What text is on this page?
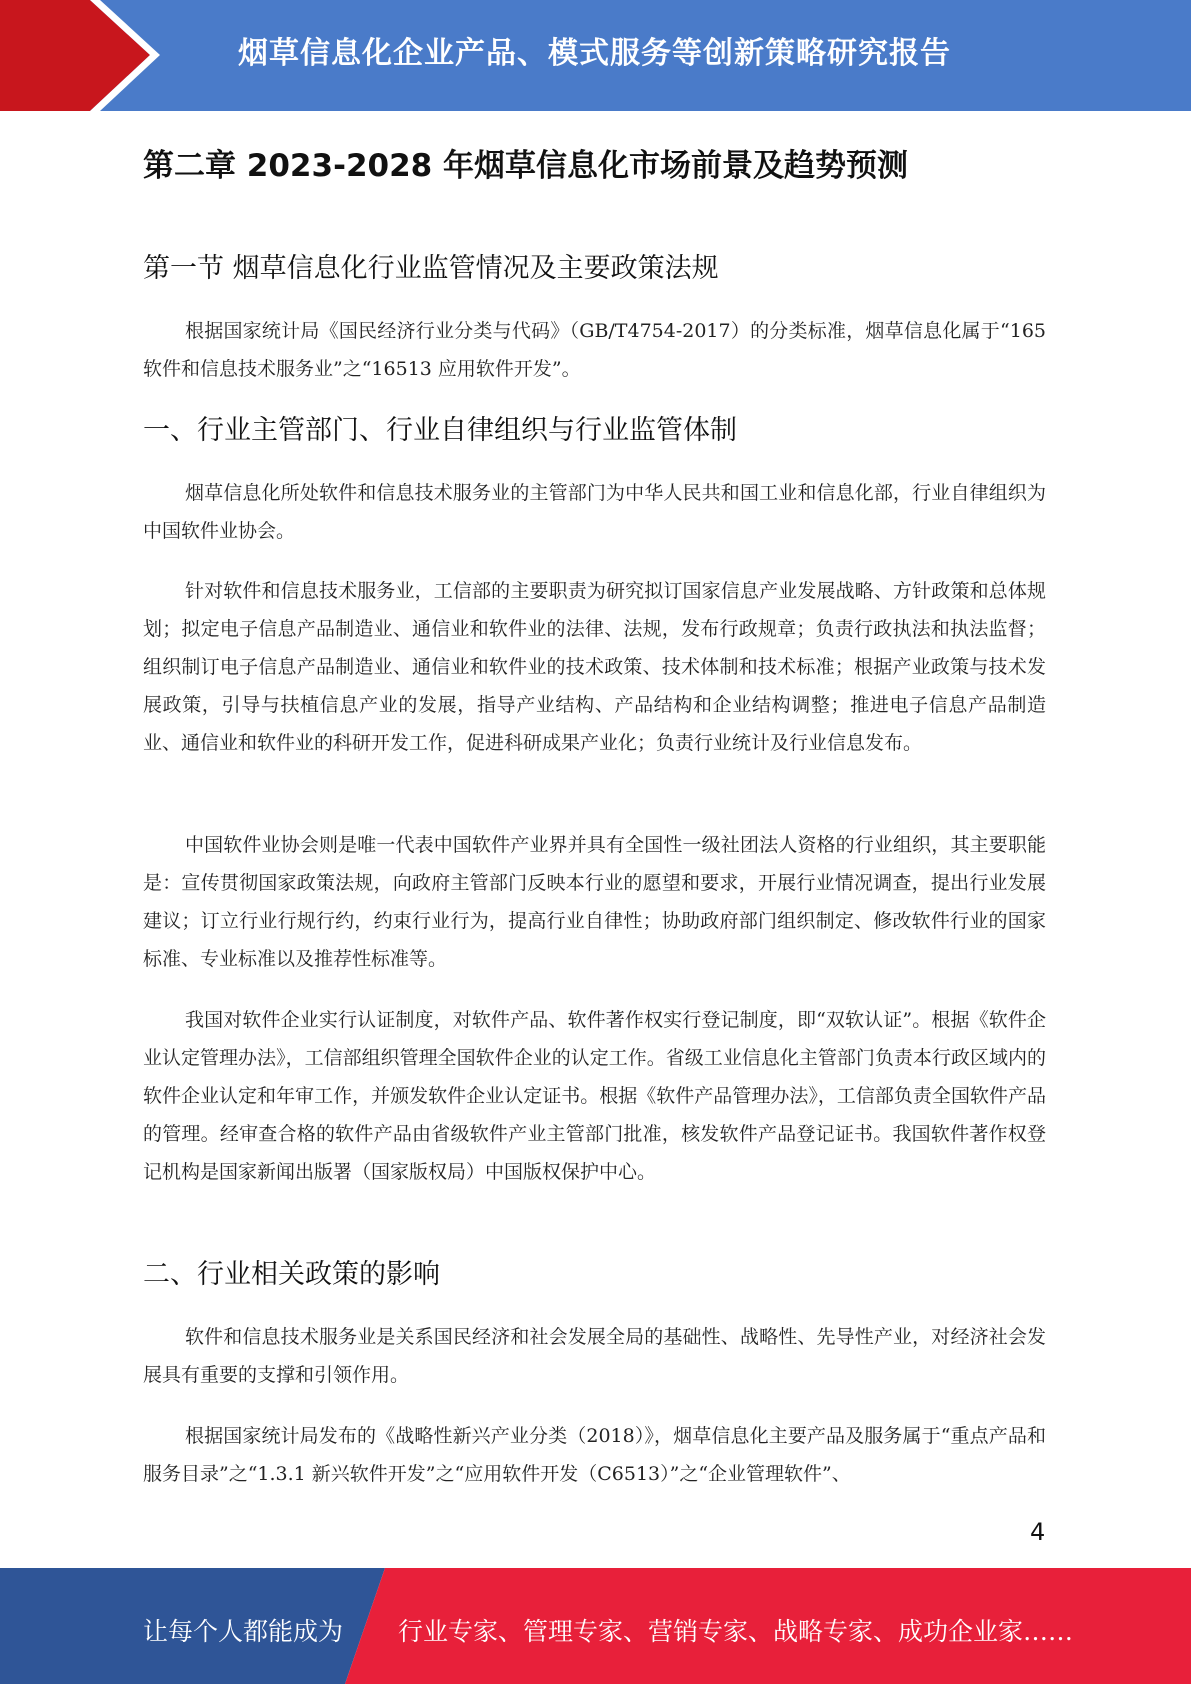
烟草信息化企业产品、模式服务等创新策略研究报告
第二章 2023-2028 年烟草信息化市场前景及趋势预测
第一节 烟草信息化行业监管情况及主要政策法规

根据国家统计局《国民经济行业分类与代码》（GB/T4754-2017）的分类标准，烟草信息化属于“165 软件和信息技术服务业”之“16513 应用软件开发”。

一、行业主管部门、行业自律组织与行业监管体制

烟草信息化所处软件和信息技术服务业的主管部门为中华人民共和国工业和信息化部，行业自律组织为中国软件业协会。

针对软件和信息技术服务业，工信部的主要职责为研究拟订国家信息产业发展战略、方针政策和总体规划；拟定电子信息产品制造业、通信业和软件业的法律、法规，发布行政规章；负责行政执法和执法监督；组织制订电子信息产品制造业、通信业和软件业的技术政策、技术体制和技术标准；根据产业政策与技术发展政策，引导与扶植信息产业的发展，指导产业结构、产品结构和企业结构调整；推进电子信息产品制造业、通信业和软件业的科研开发工作，促进科研成果产业化；负责行业统计及行业信息发布。

中国软件业协会则是唯一代表中国软件产业界并具有全国性一级社团法人资格的行业组织，其主要职能是：宣传贯彻国家政策法规，向政府主管部门反映本行业的愿望和要求，开展行业情况调查，提出行业发展建议；订立行业行规行约，约束行业行为，提高行业自律性；协助政府部门组织制定、修改软件行业的国家标准、专业标准以及推荐性标准等。

我国对软件企业实行认证制度，对软件产品、软件著作权实行登记制度，即“双软认证”。根据《软件企业认定管理办法》，工信部组织管理全国软件企业的认定工作。省级工业信息化主管部门负责本行政区域内的软件企业认定和年审工作，并颁发软件企业认定证书。根据《软件产品管理办法》，工信部负责全国软件产品的管理。经审查合格的软件产品由省级软件产业主管部门批准，核发软件产品登记证书。我国软件著作权登记机构是国家新闻出版署（国家版权局）中国版权保护中心。

二、行业相关政策的影响

软件和信息技术服务业是关系国民经济和社会发展全局的基础性、战略性、先导性产业，对经济社会发展具有重要的支撑和引领作用。

根据国家统计局发布的《战略性新兴产业分类（2018）》，烟草信息化主要产品及服务属于“重点产品和服务目录”之“1.3.1 新兴软件开发”之“应用软件开发（C6513）”之“企业管理软件”、

4
让每个人都能成为 行业专家、管理专家、营销专家、战略专家、成功企业家……
